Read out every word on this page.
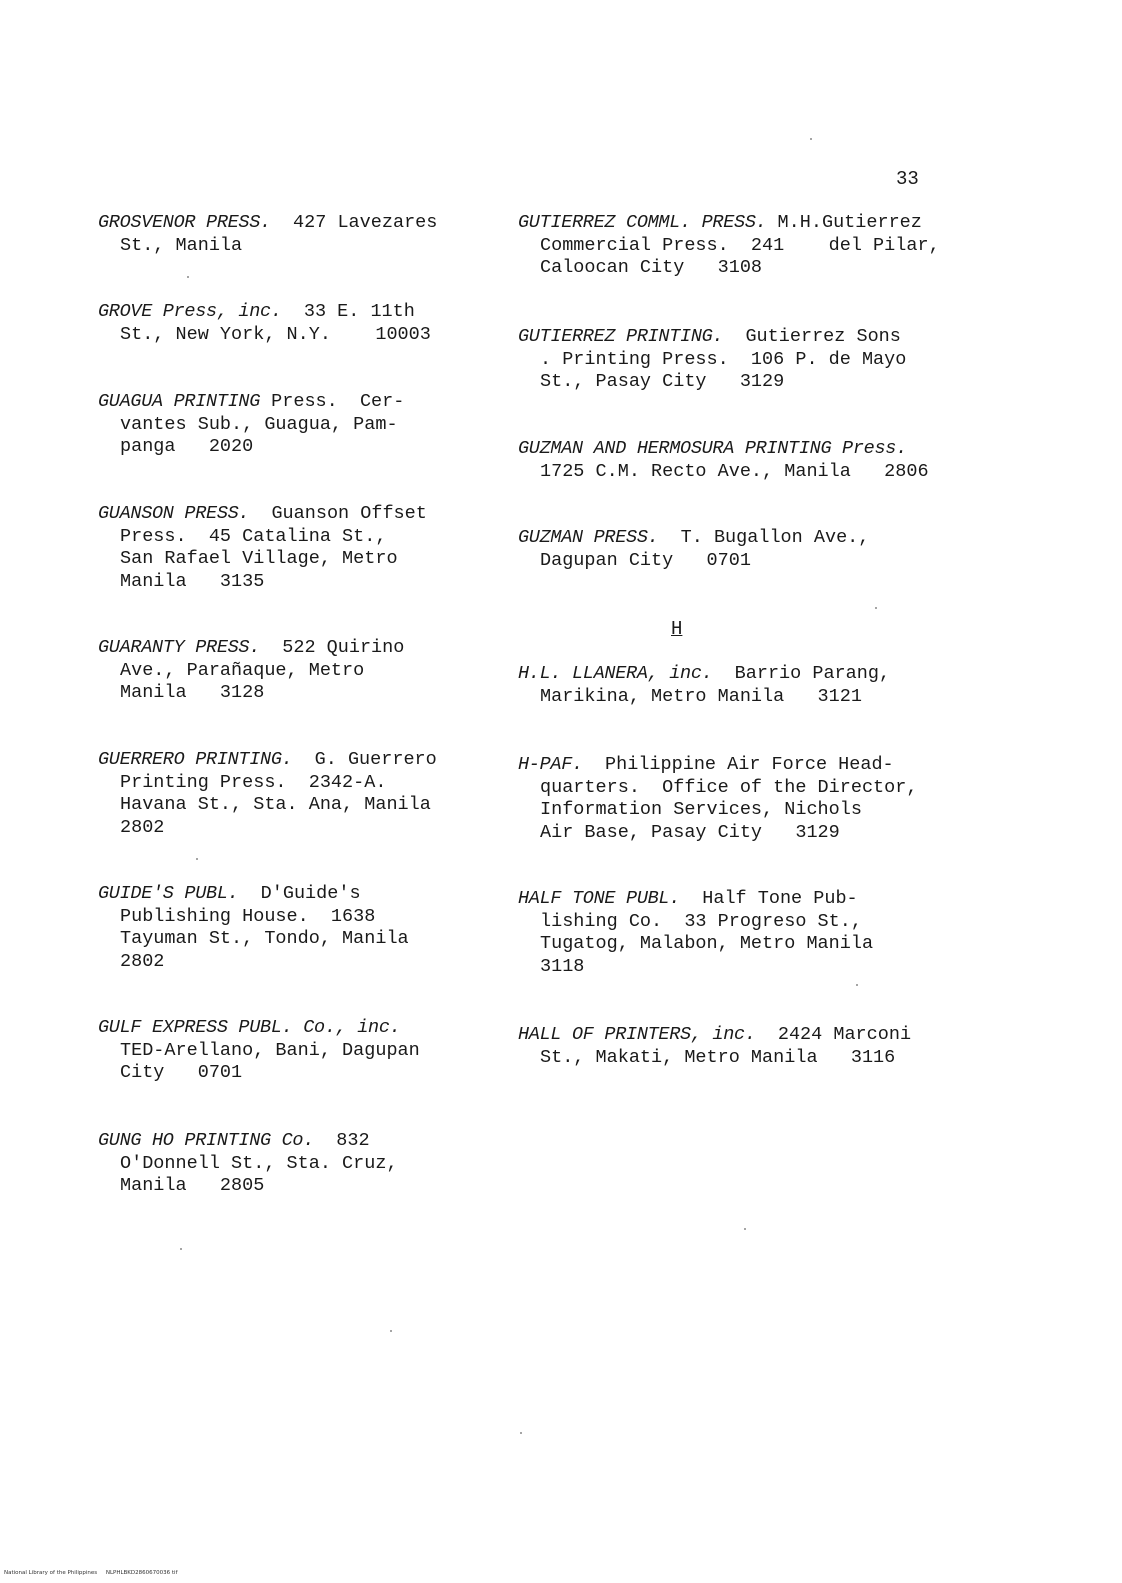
33
GROSVENOR PRESS.  427 Lavezares
St., Manila
GROVE Press, inc.  33 E. 11th
St., New York, N.Y.    10003
GUAGUA PRINTING Press.  Cer-
vantes Sub., Guagua, Pam-
panga   2020
GUANSON PRESS.  Guanson Offset
Press.  45 Catalina St.,
San Rafael Village, Metro
Manila   3135
GUARANTY PRESS.  522 Quirino
Ave., Parañaque, Metro
Manila   3128
GUERRERO PRINTING.  G. Guerrero
Printing Press.  2342-A.
Havana St., Sta. Ana, Manila
2802
GUIDE'S PUBL.  D'Guide's
Publishing House.  1638
Tayuman St., Tondo, Manila
2802
GULF EXPRESS PUBL. Co., inc.
TED-Arellano, Bani, Dagupan
City   0701
GUNG HO PRINTING Co.  832
O'Donnell St., Sta. Cruz,
Manila   2805
GUTIERREZ COMML. PRESS. M.H.Gutierrez
Commercial Press.  241    del Pilar,
Caloocan City   3108
GUTIERREZ PRINTING.  Gutierrez Sons
. Printing Press.  106 P. de Mayo
St., Pasay City   3129
GUZMAN AND HERMOSURA PRINTING Press.
1725 C.M. Recto Ave., Manila   2806
GUZMAN PRESS.  T. Bugallon Ave.,
Dagupan City   0701
H.L. LLANERA, inc.  Barrio Parang,
Marikina, Metro Manila   3121
H-PAF.  Philippine Air Force Head-
quarters.  Office of the Director,
Information Services, Nichols
Air Base, Pasay City   3129
HALF TONE PUBL.  Half Tone Pub-
lishing Co.  33 Progreso St.,
Tugatog, Malabon, Metro Manila
3118
HALL OF PRINTERS, inc.  2424 Marconi
St., Makati, Metro Manila   3116
H
National Library of the Philippines     NLPHLBKD2860670036 tif
